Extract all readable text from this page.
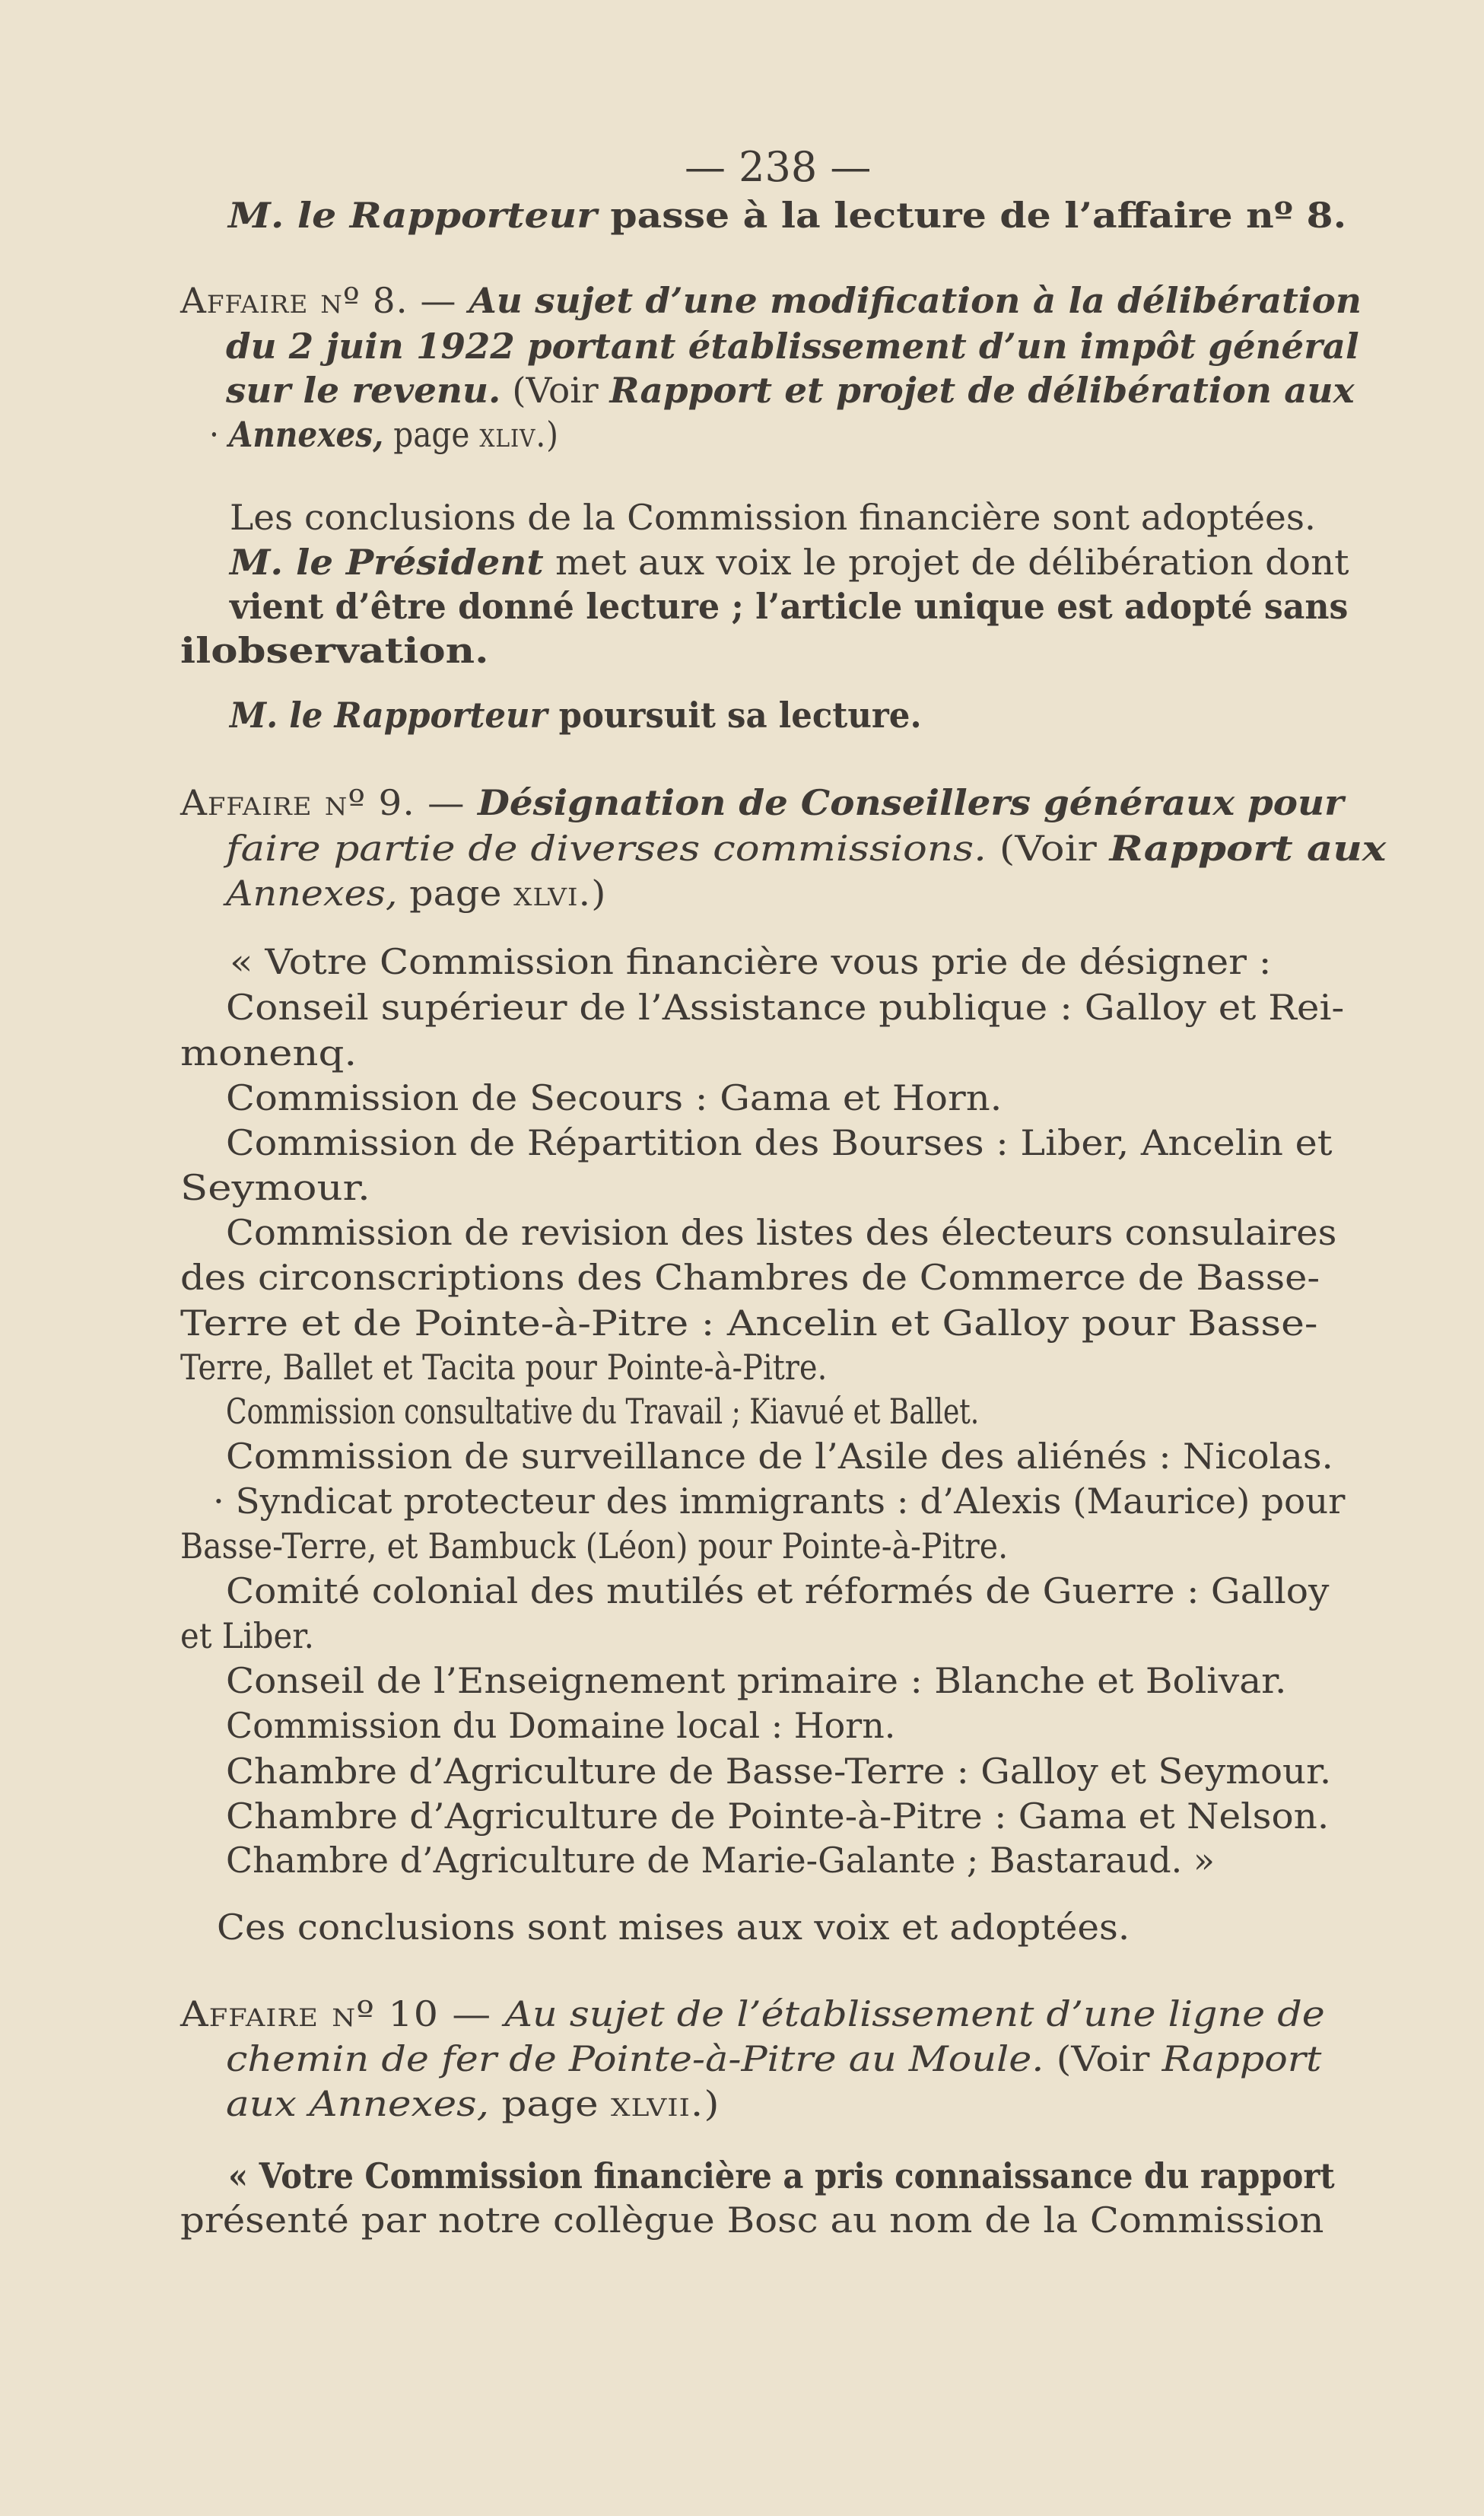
— 238 —
M. le Rapporteur passe à la lecture de l’affaire nº 8.
Affaire nº 8. — Au sujet d’une modification à la délibération
du 2 juin 1922 portant établissement d’un impôt général
sur le revenu. (Voir Rapport et projet de délibération aux
· Annexes, page xliv.)
Les conclusions de la Commission financière sont adoptées.
M. le Président met aux voix le projet de délibération dont
vient d’être donné lecture ; l’article unique est adopté sans
ilobservation.
M. le Rapporteur poursuit sa lecture.
Affaire nº 9. — Désignation de Conseillers généraux pour
faire partie de diverses commissions. (Voir Rapport aux
Annexes, page xlvi.)
« Votre Commission financière vous prie de désigner :
Conseil supérieur de l’Assistance publique : Galloy et Rei-
monenq.
Commission de Secours : Gama et Horn.
Commission de Répartition des Bourses : Liber, Ancelin et
Seymour.
Commission de revision des listes des électeurs consulaires
des circonscriptions des Chambres de Commerce de Basse-
Terre et de Pointe-à-Pitre : Ancelin et Galloy pour Basse-
Terre, Ballet et Tacita pour Pointe-à-Pitre.
Commission consultative du Travail ; Kiavué et Ballet.
Commission de surveillance de l’Asile des aliénés : Nicolas.
· Syndicat protecteur des immigrants : d’Alexis (Maurice) pour
Basse-Terre, et Bambuck (Léon) pour Pointe-à-Pitre.
Comité colonial des mutilés et réformés de Guerre : Galloy
et Liber.
Conseil de l’Enseignement primaire : Blanche et Bolivar.
Commission du Domaine local : Horn.
Chambre d’Agriculture de Basse-Terre : Galloy et Seymour.
Chambre d’Agriculture de Pointe-à-Pitre : Gama et Nelson.
Chambre d’Agriculture de Marie-Galante ; Bastaraud. »
Ces conclusions sont mises aux voix et adoptées.
Affaire nº 10 — Au sujet de l’établissement d’une ligne de
chemin de fer de Pointe-à-Pitre au Moule. (Voir Rapport
aux Annexes, page xlvii.)
« Votre Commission financière a pris connaissance du rapport
présenté par notre collègue Bosc au nom de la Commission
